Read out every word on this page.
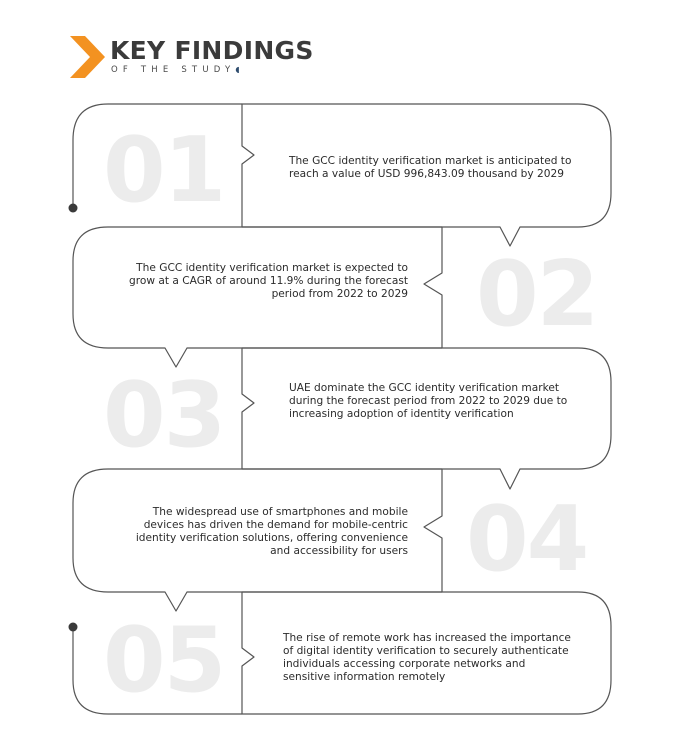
KEY FINDINGS
OF THE STUDY◖
01	The GCC identity verification market is anticipated to reach a value of USD 996,843.09 thousand by 2029

02

The GCC identity verification market is expected to grow at a CAGR of around 11.9% during the forecast period from 2022 to 2029

03	UAE dominate the GCC identity verification market during the forecast period from 2022 to 2029 due to increasing adoption of identity verification

04

The widespread use of smartphones and mobile devices has driven the demand for mobile-centric identity verification solutions, offering convenience and accessibility for users

05	The rise of remote work has increased the importance of digital identity verification to securely authenticate individuals accessing corporate networks and sensitive information remotely
